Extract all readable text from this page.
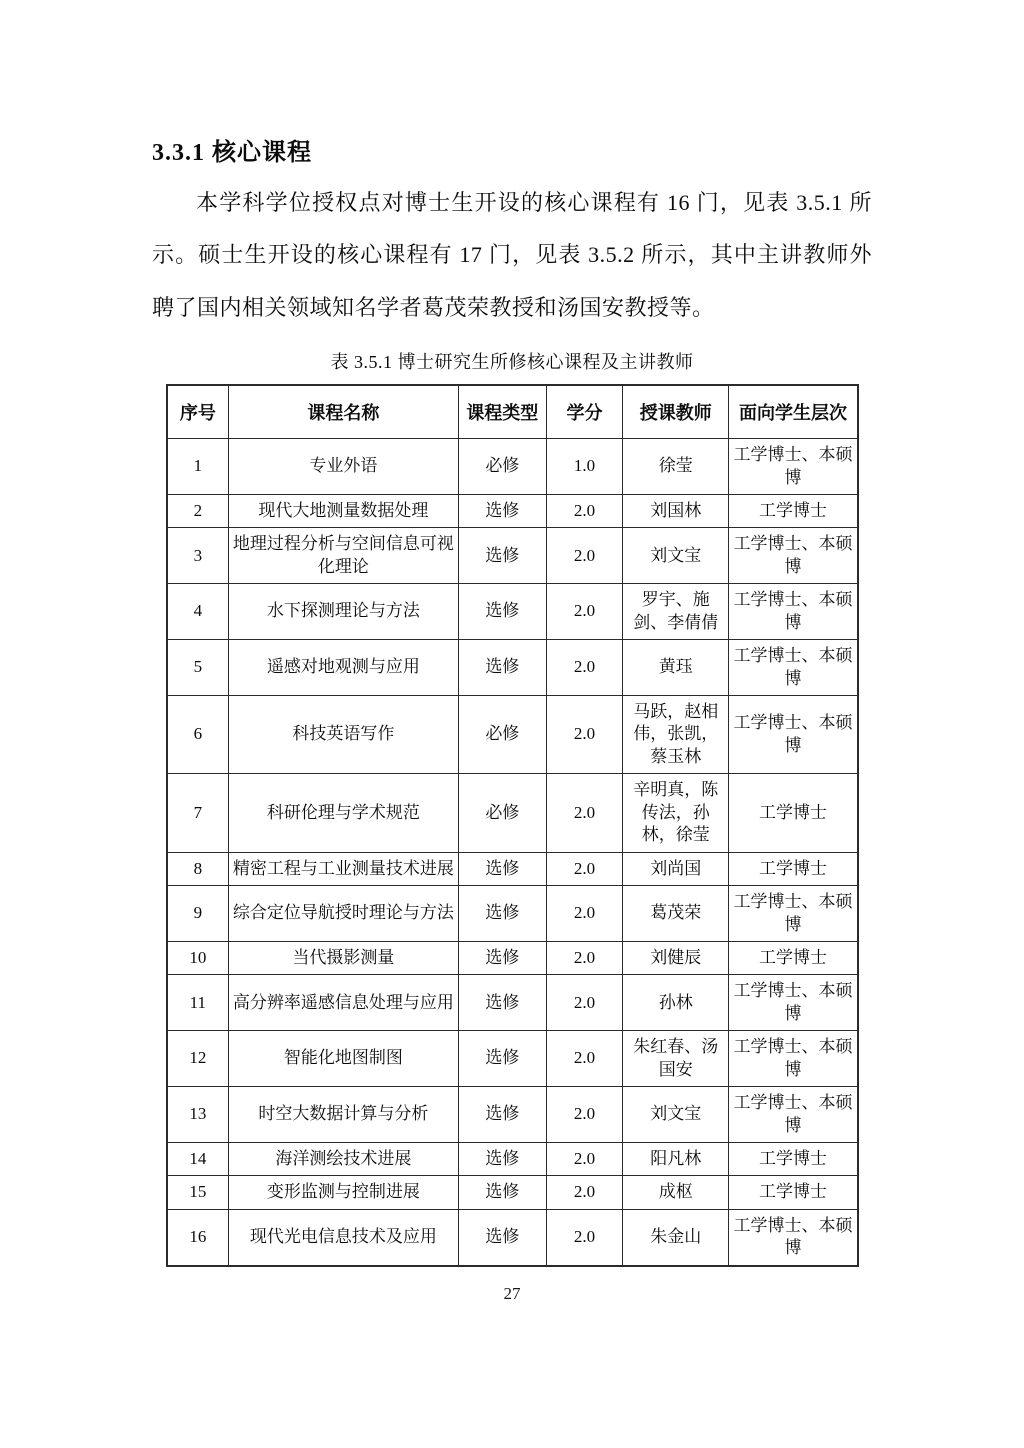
3.3.1 核心课程

本学科学位授权点对博士生开设的核心课程有 16 门，见表 3.5.1 所示。硕士生开设的核心课程有 17 门，见表 3.5.2 所示，其中主讲教师外聘了国内相关领域知名学者葛茂荣教授和汤国安教授等。

表 3.5.1 博士研究生所修核心课程及主讲教师
序号	课程名称	课程类型	学分	授课教师	面向学生层次
1	专业外语	必修	1.0	徐莹	工学博士、本硕博
2	现代大地测量数据处理	选修	2.0	刘国林	工学博士
3	地理过程分析与空间信息可视化理论	选修	2.0	刘文宝	工学博士、本硕博
4	水下探测理论与方法	选修	2.0	罗宇、施剑、李倩倩	工学博士、本硕博
5	遥感对地观测与应用	选修	2.0	黄珏	工学博士、本硕博
6	科技英语写作	必修	2.0	马跃，赵相伟，张凯，蔡玉林	工学博士、本硕博
7	科研伦理与学术规范	必修	2.0	辛明真，陈传法，孙林，徐莹	工学博士
8	精密工程与工业测量技术进展	选修	2.0	刘尚国	工学博士
9	综合定位导航授时理论与方法	选修	2.0	葛茂荣	工学博士、本硕博
10	当代摄影测量	选修	2.0	刘健辰	工学博士
11	高分辨率遥感信息处理与应用	选修	2.0	孙林	工学博士、本硕博
12	智能化地图制图	选修	2.0	朱红春、汤国安	工学博士、本硕博
13	时空大数据计算与分析	选修	2.0	刘文宝	工学博士、本硕博
14	海洋测绘技术进展	选修	2.0	阳凡林	工学博士
15	变形监测与控制进展	选修	2.0	成枢	工学博士
16	现代光电信息技术及应用	选修	2.0	朱金山	工学博士、本硕博
27
